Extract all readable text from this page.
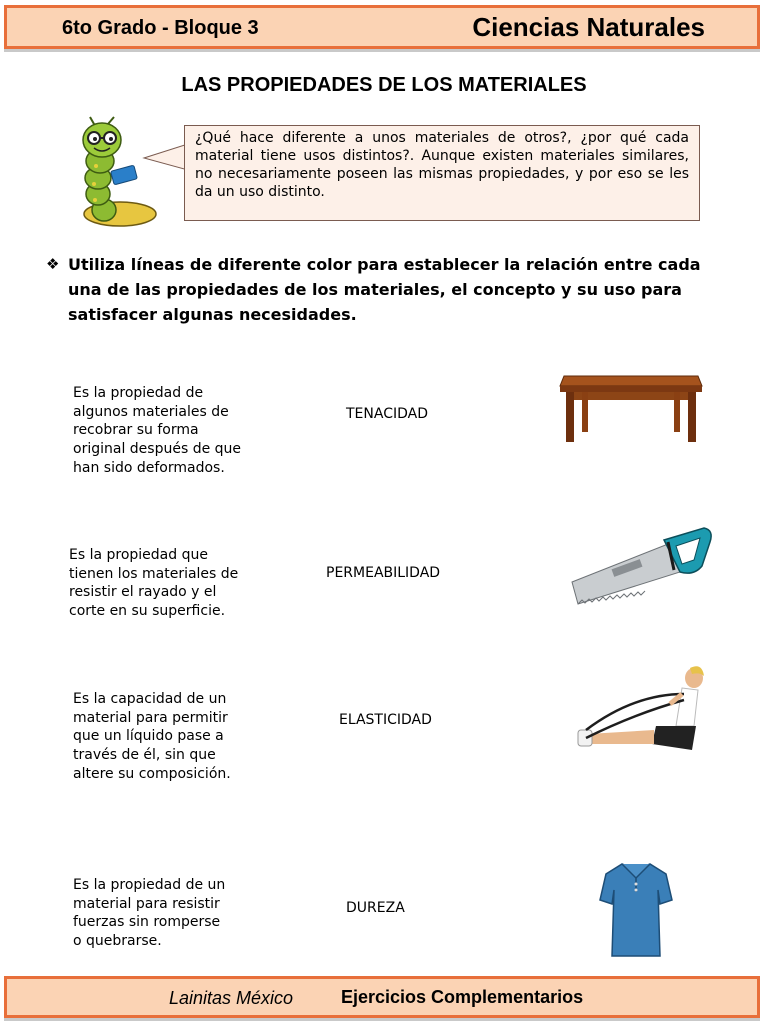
6to Grado - Bloque 3	Ciencias Naturales
LAS PROPIEDADES DE LOS MATERIALES

¿Qué hace diferente a unos materiales de otros?, ¿por qué cada material tiene usos distintos?. Aunque existen materiales similares, no necesariamente poseen las mismas propiedades, y por eso se les da un uso distinto.

❖ Utiliza líneas de diferente color para establecer la relación entre cada una de las propiedades de los materiales, el concepto y su uso para satisfacer algunas necesidades.
Es la propiedad de
algunos materiales de
recobrar su forma
original después de que
han sido deformados.
TENACIDAD
Es la propiedad que
tienen los materiales de
resistir el rayado y el
corte en su superficie.
PERMEABILIDAD
Es la capacidad de un
material para permitir
que un líquido pase a
través de él, sin que
altere su composición.
ELASTICIDAD
Es la propiedad de un
material para resistir
fuerzas sin romperse
o quebrarse.
DUREZA
Lainitas México	Ejercicios Complementarios
